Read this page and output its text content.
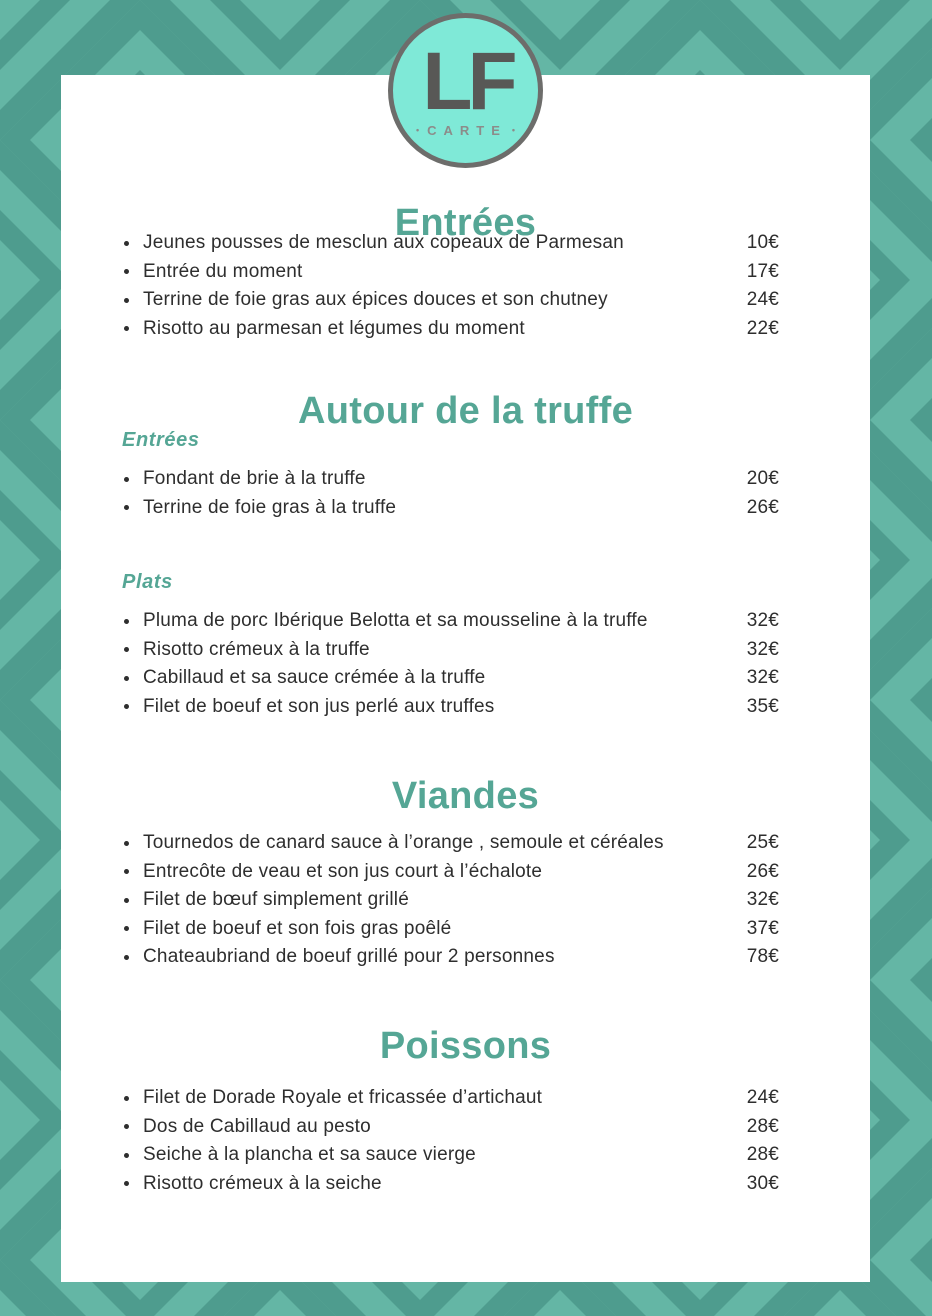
LF
• CARTE •
Entrées
Jeunes pousses de mesclun aux copeaux de Parmesan	10€
Entrée du moment	17€
Terrine de foie gras aux épices douces et son chutney	24€
Risotto au parmesan et légumes du moment	22€
Autour de la truffe
Entrées
Fondant de brie à la truffe	20€
Terrine de foie gras à la truffe	26€
Plats
Pluma de porc Ibérique Belotta et sa mousseline à la truffe	32€
Risotto crémeux à la truffe	32€
Cabillaud et sa sauce crémée à la truffe	32€
Filet de boeuf et son jus perlé aux truffes	35€
Viandes
Tournedos de canard sauce à l’orange , semoule et céréales	25€
Entrecôte de veau et son jus court à l’échalote	26€
Filet de bœuf simplement grillé	32€
Filet de boeuf et son fois gras poêlé	37€
Chateaubriand de boeuf grillé pour 2 personnes	78€
Poissons
Filet de Dorade Royale et fricassée d’artichaut	24€
Dos de Cabillaud au pesto	28€
Seiche à la plancha et sa sauce vierge	28€
Risotto crémeux à la seiche	30€
